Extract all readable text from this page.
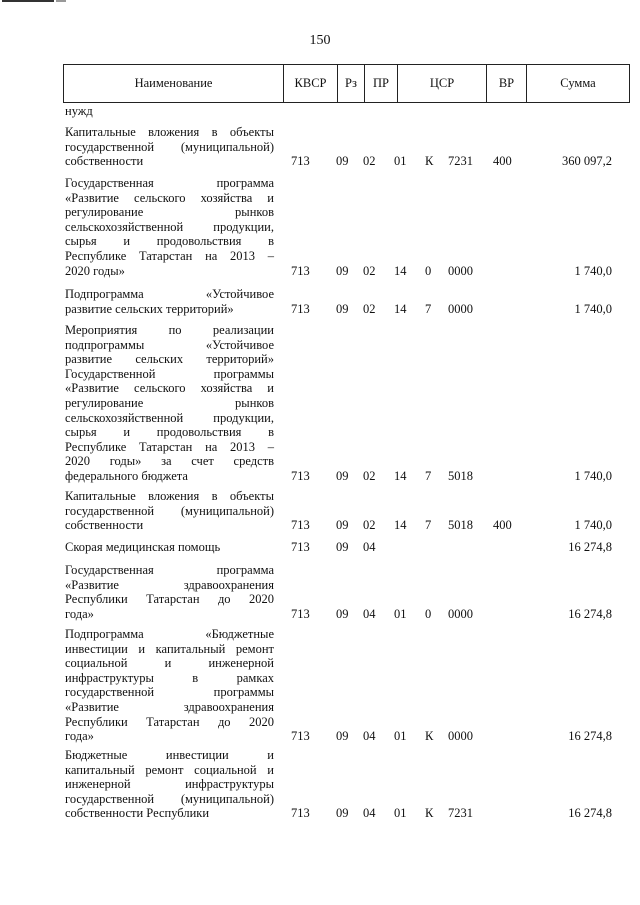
150
Наименование	КВСР	Рз	ПР	ЦСР	ВР	Сумма
нужд
Капитальные вложения в объекты
государственной (муниципальной)
собственности	713 09 02 01 К 7231 400	360 097,2
Государственная программа
«Развитие сельского хозяйства и
регулирование рынков
сельскохозяйственной продукции,
сырья и продовольствия в
Республике Татарстан на 2013 –
2020 годы»	713 09 02 14 0 0000	1 740,0
Подпрограмма «Устойчивое
развитие сельских территорий»	713 09 02 14 7 0000	1 740,0
Мероприятия по реализации
подпрограммы «Устойчивое
развитие сельских территорий»
Государственной программы
«Развитие сельского хозяйства и
регулирование рынков
сельскохозяйственной продукции,
сырья и продовольствия в
Республике Татарстан на 2013 –
2020 годы» за счет средств
федерального бюджета	713 09 02 14 7 5018	1 740,0
Капитальные вложения в объекты
государственной (муниципальной)
собственности	713 09 02 14 7 5018 400	1 740,0
Скорая медицинская помощь	713 09 04	16 274,8
Государственная программа
«Развитие здравоохранения
Республики Татарстан до 2020
года»	713 09 04 01 0 0000	16 274,8
Подпрограмма «Бюджетные
инвестиции и капитальный ремонт
социальной и инженерной
инфраструктуры в рамках
государственной программы
«Развитие здравоохранения
Республики Татарстан до 2020
года»	713 09 04 01 К 0000	16 274,8
Бюджетные инвестиции и
капитальный ремонт социальной и
инженерной инфраструктуры
государственной (муниципальной)
собственности Республики	713 09 04 01 К 7231	16 274,8
